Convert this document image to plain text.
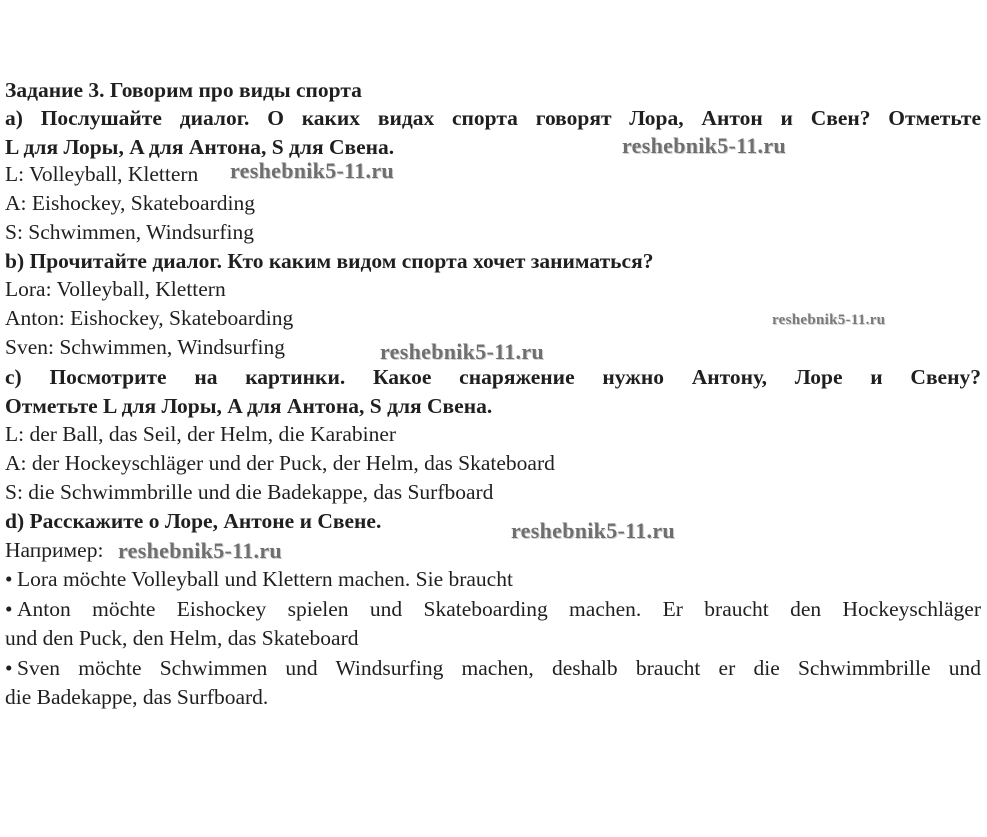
Задание 3. Говорим про виды спорта
a) Послушайте диалог. О каких видах спорта говорят Лора, Антон и Свен? Отметьте
L для Лоры, A для Антона, S для Свена.
L: Volleyball, Klettern
A: Eishockey, Skateboarding
S: Schwimmen, Windsurfing
b) Прочитайте диалог. Кто каким видом спорта хочет заниматься?
Lora: Volleyball, Klettern
Anton: Eishockey, Skateboarding
Sven: Schwimmen, Windsurfing
c) Посмотрите на картинки. Какое снаряжение нужно Антону, Лоре и Свену?
Отметьте L для Лоры, A для Антона, S для Свена.
L: der Ball, das Seil, der Helm, die Karabiner
A: der Hockeyschläger und der Puck, der Helm, das Skateboard
S: die Schwimmbrille und die Badekappe, das Surfboard
d) Расскажите о Лоре, Антоне и Свене.
Например:
• Lora möchte Volleyball und Klettern machen. Sie braucht
• Anton möchte Eishockey spielen und Skateboarding machen. Er braucht den Hockeyschläger
und den Puck, den Helm, das Skateboard
• Sven möchte Schwimmen und Windsurfing machen, deshalb braucht er die Schwimmbrille und
die Badekappe, das Surfboard.
reshebnik5-11.ru
reshebnik5-11.ru
reshebnik5-11.ru
reshebnik5-11.ru
reshebnik5-11.ru
reshebnik5-11.ru
